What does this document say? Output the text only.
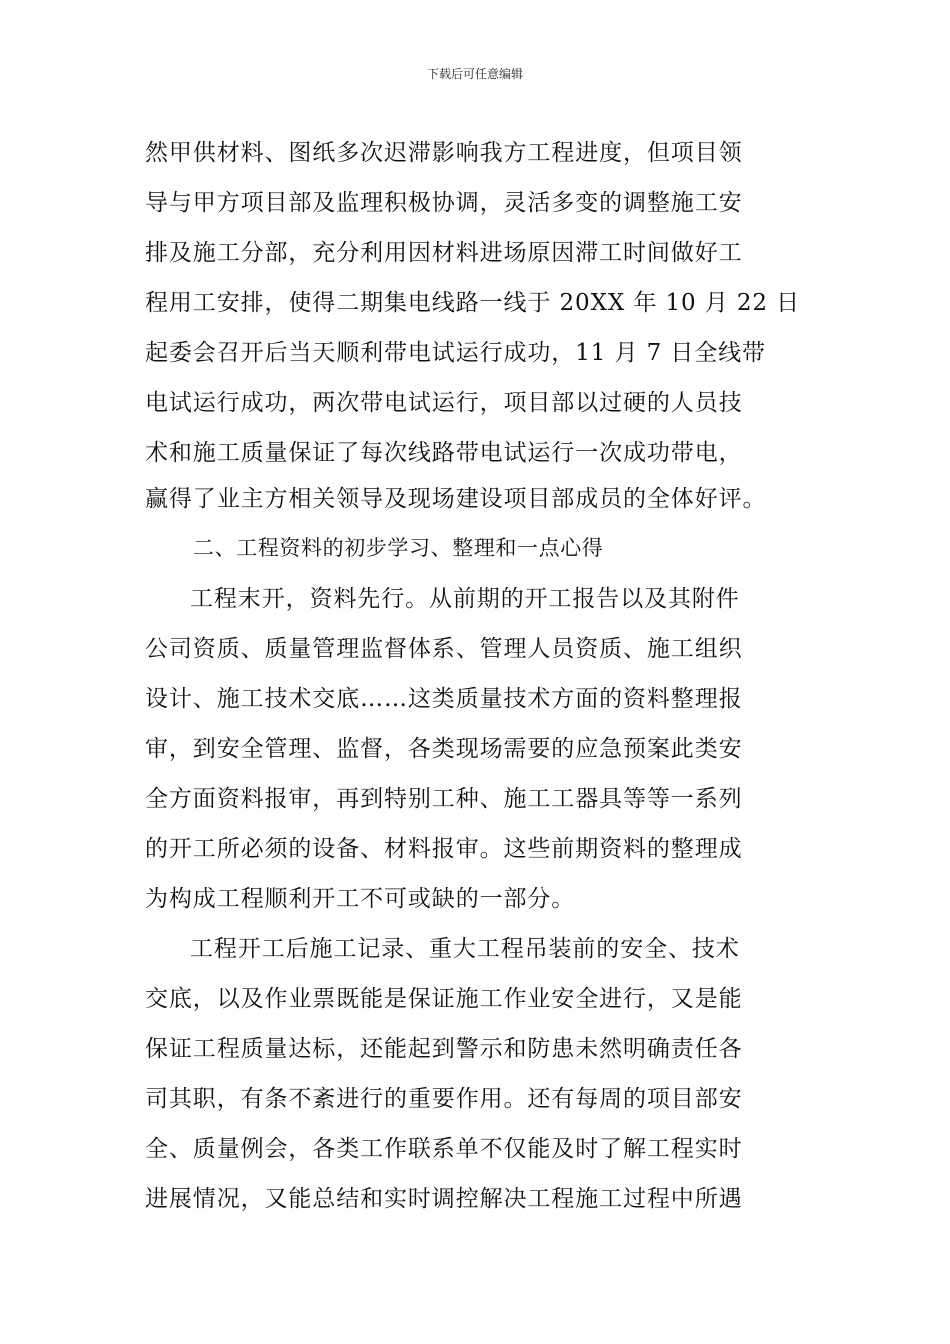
下载后可任意编辑
然甲供材料、图纸多次迟滞影响我方工程进度，但项目领
导与甲方项目部及监理积极协调，灵活多变的调整施工安
排及施工分部，充分利用因材料进场原因滞工时间做好工
程用工安排，使得二期集电线路一线于 20XX 年 10 月 22 日
起委会召开后当天顺利带电试运行成功，11 月 7 日全线带
电试运行成功，两次带电试运行，项目部以过硬的人员技
术和施工质量保证了每次线路带电试运行一次成功带电，
赢得了业主方相关领导及现场建设项目部成员的全体好评。
二、工程资料的初步学习、整理和一点心得
工程末开，资料先行。从前期的开工报告以及其附件
公司资质、质量管理监督体系、管理人员资质、施工组织
设计、施工技术交底……这类质量技术方面的资料整理报
审，到安全管理、监督，各类现场需要的应急预案此类安
全方面资料报审，再到特别工种、施工工器具等等一系列
的开工所必须的设备、材料报审。这些前期资料的整理成
为构成工程顺利开工不可或缺的一部分。
工程开工后施工记录、重大工程吊装前的安全、技术
交底，以及作业票既能是保证施工作业安全进行，又是能
保证工程质量达标，还能起到警示和防患未然明确责任各
司其职，有条不紊进行的重要作用。还有每周的项目部安
全、质量例会，各类工作联系单不仅能及时了解工程实时
进展情况，又能总结和实时调控解决工程施工过程中所遇
